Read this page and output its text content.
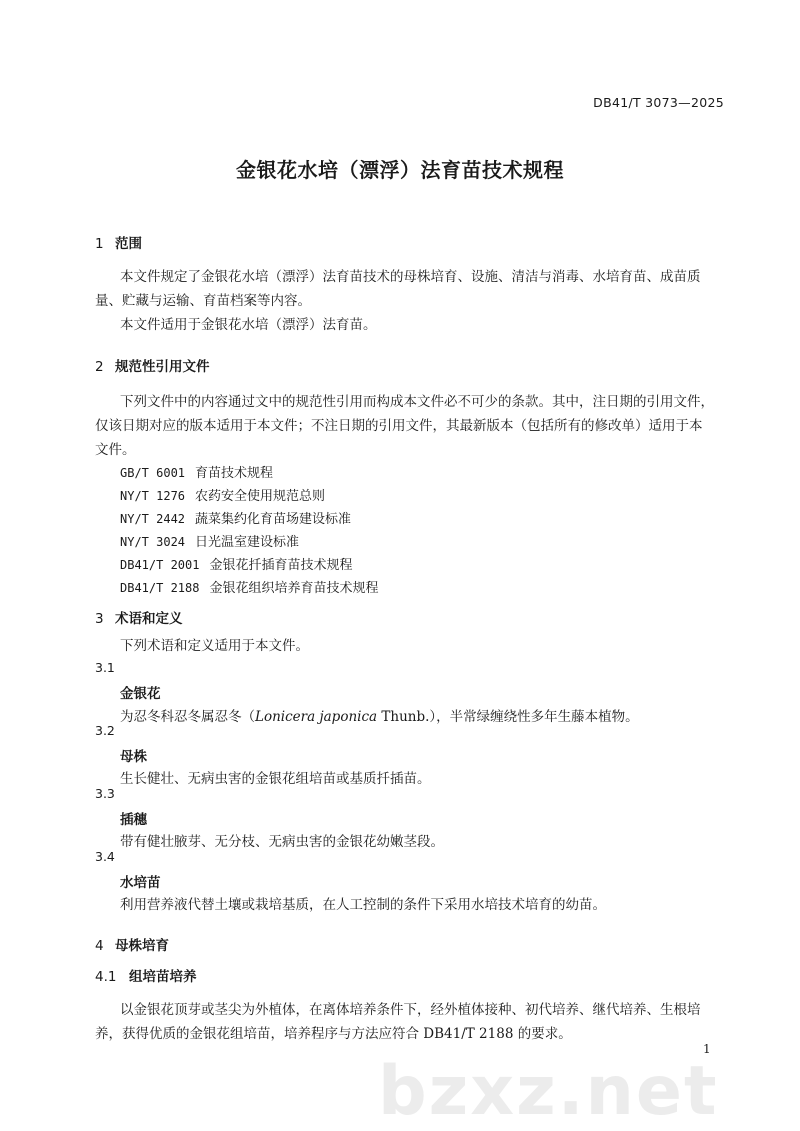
DB41/T 3073—2025
金银花水培（漂浮）法育苗技术规程
1 范围
本文件规定了金银花水培（漂浮）法育苗技术的母株培育、设施、清洁与消毒、水培育苗、成苗质
量、贮藏与运输、育苗档案等内容。
本文件适用于金银花水培（漂浮）法育苗。
2 规范性引用文件
下列文件中的内容通过文中的规范性引用而构成本文件必不可少的条款。其中，注日期的引用文件，
仅该日期对应的版本适用于本文件；不注日期的引用文件，其最新版本（包括所有的修改单）适用于本
文件。
GB/T 6001 育苗技术规程
NY/T 1276 农药安全使用规范总则
NY/T 2442 蔬菜集约化育苗场建设标准
NY/T 3024 日光温室建设标准
DB41/T 2001 金银花扦插育苗技术规程
DB41/T 2188 金银花组织培养育苗技术规程
3 术语和定义
下列术语和定义适用于本文件。
3.1
金银花
为忍冬科忍冬属忍冬（Lonicera japonica Thunb.），半常绿缠绕性多年生藤本植物。
3.2
母株
生长健壮、无病虫害的金银花组培苗或基质扦插苗。
3.3
插穗
带有健壮腋芽、无分枝、无病虫害的金银花幼嫩茎段。
3.4
水培苗
利用营养液代替土壤或栽培基质，在人工控制的条件下采用水培技术培育的幼苗。
4 母株培育
4.1 组培苗培养
以金银花顶芽或茎尖为外植体，在离体培养条件下，经外植体接种、初代培养、继代培养、生根培
养，获得优质的金银花组培苗，培养程序与方法应符合 DB41/T 2188 的要求。
bzxz.net
1
